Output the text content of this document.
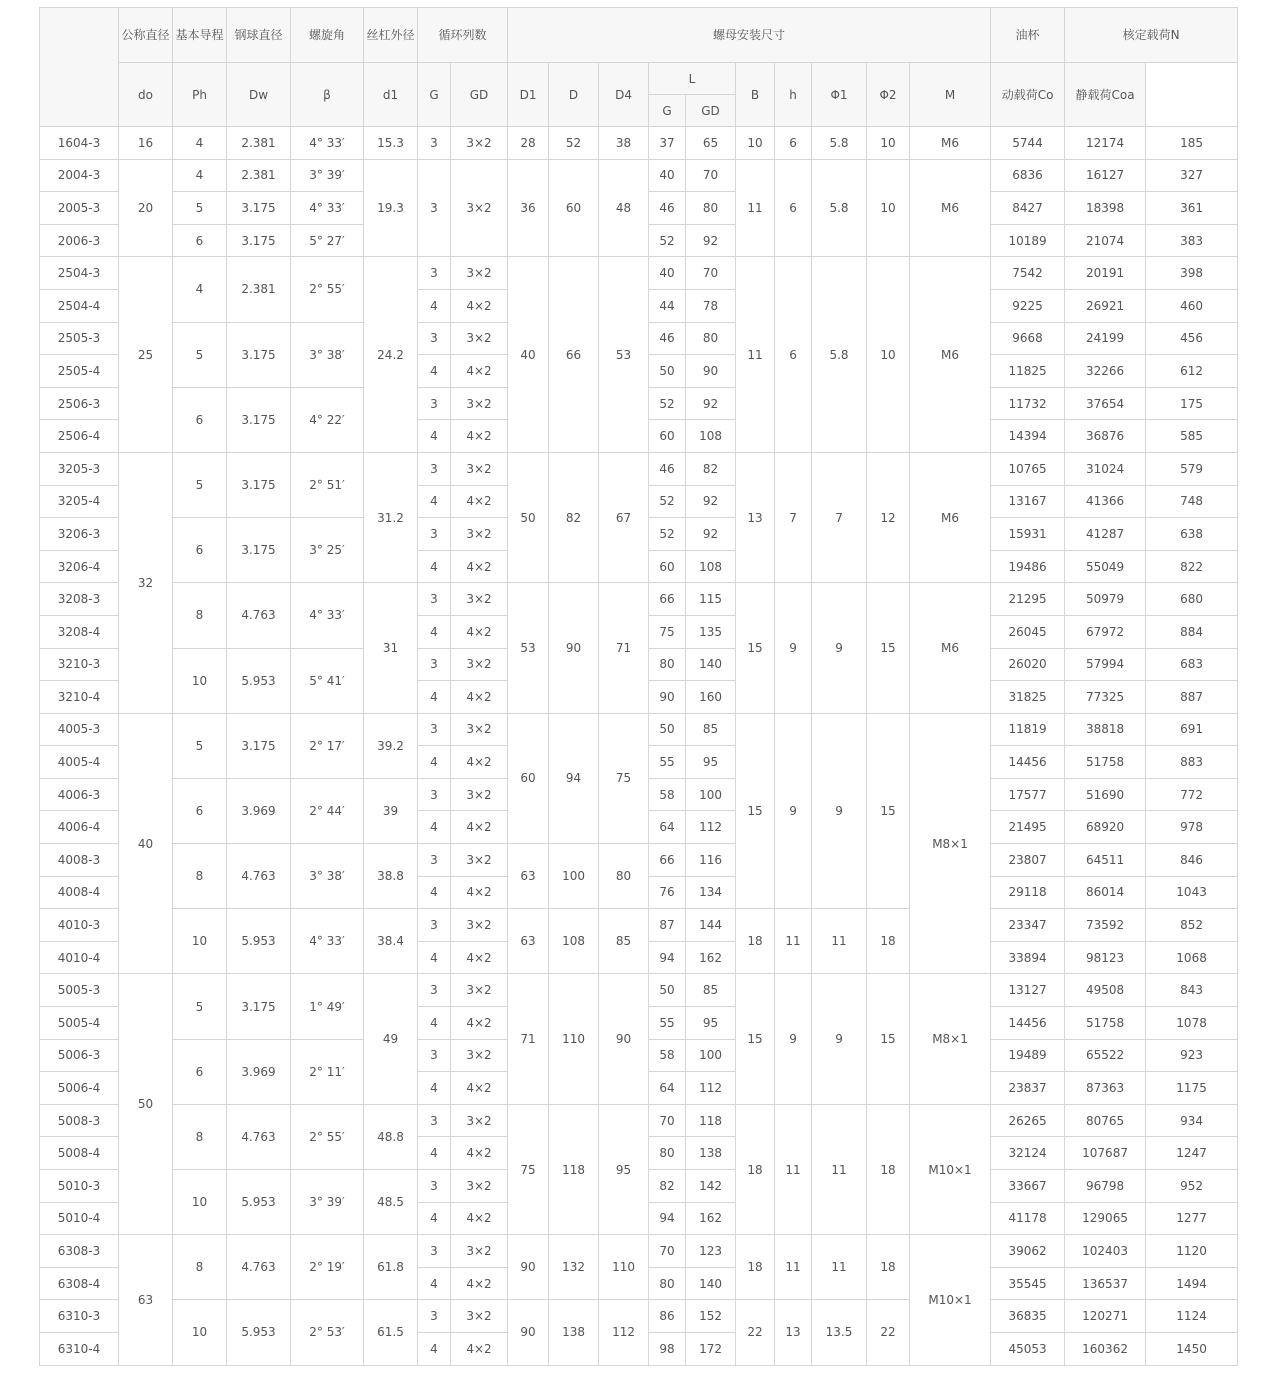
	公称直径	基本导程	钢球直径	螺旋角	丝杠外径	循环列数		螺母安装尺寸										油杯	核定载荷N

	do	Ph	Dw	β	d1	G	GD	D1	D	D4	L		B	h	Φ1	Φ2	M	动载荷Co	静载荷Coa		

											G	GD									
1604-3	16	4	2.381	4° 33′	15.3	3	3×2	28	52	38	37	65	10	6	5.8	10	M6	5744	12174	185	
2004-3	20	4	2.381	3° 39′	19.3	3	3×2	36	60	48	40	70	11	6	5.8	10	M6	6836	16127	327	
2005-3		5	3.175	4° 33′							46	80						8427	18398	361	
2006-3		6	3.175	5° 27′							52	92						10189	21074	383	
2504-3	25	4	2.381	2° 55′	24.2	3	3×2	40	66	53	40	70	11	6	5.8	10	M6	7542	20191	398	
2504-4						4	4×2				44	78						9225	26921	460	
2505-3		5	3.175	3° 38′		3	3×2				46	80						9668	24199	456	
2505-4						4	4×2				50	90						11825	32266	612	
2506-3		6	3.175	4° 22′		3	3×2				52	92						11732	37654	175	
2506-4						4	4×2				60	108						14394	36876	585	
3205-3	32	5	3.175	2° 51′	31.2	3	3×2	50	82	67	46	82	13	7	7	12	M6	10765	31024	579	
3205-4						4	4×2				52	92						13167	41366	748	
3206-3		6	3.175	3° 25′		3	3×2				52	92						15931	41287	638	
3206-4						4	4×2				60	108						19486	55049	822	
3208-3		8	4.763	4° 33′	31	3	3×2	53	90	71	66	115	15	9	9	15	M6	21295	50979	680	
3208-4						4	4×2				75	135						26045	67972	884	
3210-3		10	5.953	5° 41′		3	3×2				80	140						26020	57994	683	
3210-4						4	4×2				90	160						31825	77325	887	
4005-3	40	5	3.175	2° 17′	39.2	3	3×2	60	94	75	50	85	15	9	9	15	M8×1	11819	38818	691	
4005-4						4	4×2				55	95						14456	51758	883	
4006-3		6	3.969	2° 44′	39	3	3×2				58	100						17577	51690	772	
4006-4						4	4×2				64	112						21495	68920	978	
4008-3		8	4.763	3° 38′	38.8	3	3×2	63	100	80	66	116						23807	64511	846	
4008-4						4	4×2				76	134						29118	86014	1043	
4010-3		10	5.953	4° 33′	38.4	3	3×2	63	108	85	87	144	18	11	11	18		23347	73592	852	
4010-4						4	4×2				94	162						33894	98123	1068	
5005-3	50	5	3.175	1° 49′	49	3	3×2	71	110	90	50	85	15	9	9	15	M8×1	13127	49508	843	
5005-4						4	4×2				55	95						14456	51758	1078	
5006-3		6	3.969	2° 11′		3	3×2				58	100						19489	65522	923	
5006-4						4	4×2				64	112						23837	87363	1175	
5008-3		8	4.763	2° 55′	48.8	3	3×2	75	118	95	70	118	18	11	11	18	M10×1	26265	80765	934	
5008-4						4	4×2				80	138						32124	107687	1247	
5010-3		10	5.953	3° 39′	48.5	3	3×2				82	142						33667	96798	952	
5010-4						4	4×2				94	162						41178	129065	1277	
6308-3	63	8	4.763	2° 19′	61.8	3	3×2	90	132	110	70	123	18	11	11	18	M10×1	39062	102403	1120	
6308-4						4	4×2				80	140						35545	136537	1494	
6310-3		10	5.953	2° 53′	61.5	3	3×2	90	138	112	86	152	22	13	13.5	22		36835	120271	1124	
6310-4						4	4×2				98	172						45053	160362	1450	
